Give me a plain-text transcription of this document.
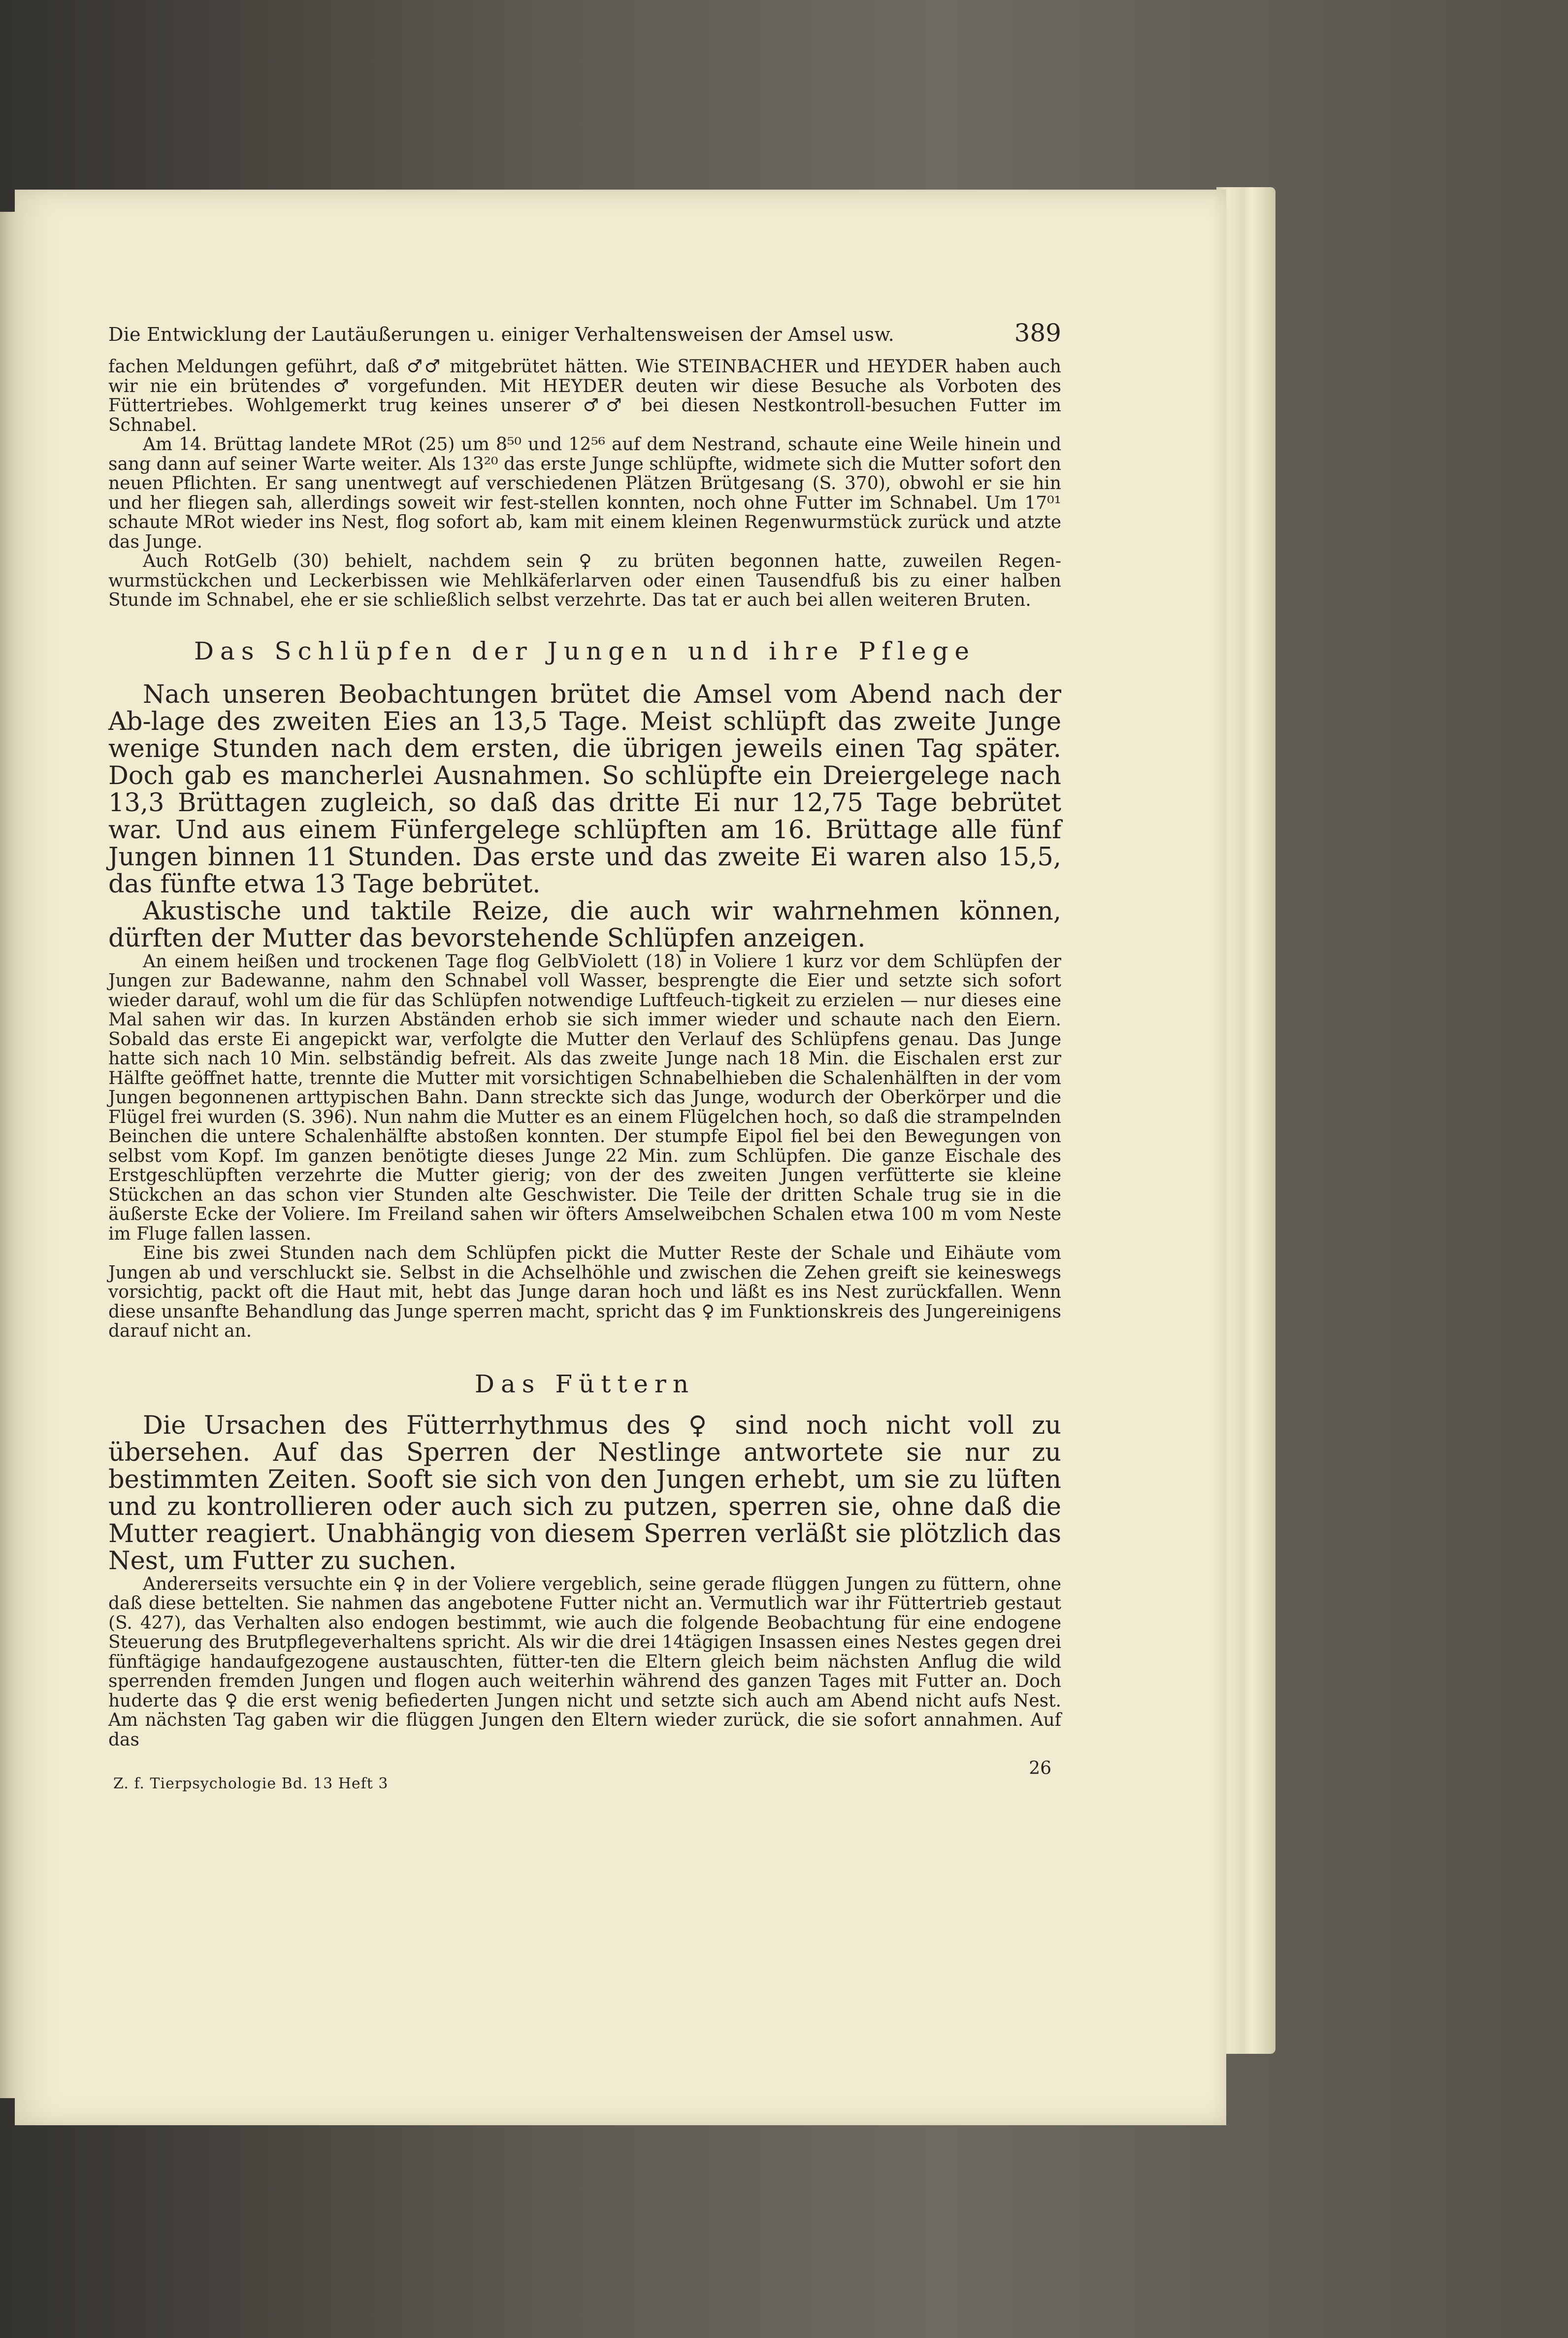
Die Entwicklung der Lautäußerungen u. einiger Verhaltensweisen der Amsel usw.	389

fachen Meldungen geführt, daß ♂♂ mitgebrütet hätten. Wie STEINBACHER und HEYDER haben auch wir nie ein brütendes ♂ vorgefunden. Mit HEYDER deuten wir diese Besuche als Vorboten des Füttertriebes. Wohlgemerkt trug keines unserer ♂♂ bei diesen Nestkontroll-besuchen Futter im Schnabel.

Am 14. Brüttag landete MRot (25) um 8⁵⁰ und 12⁵⁶ auf dem Nestrand, schaute eine Weile hinein und sang dann auf seiner Warte weiter. Als 13²⁰ das erste Junge schlüpfte, widmete sich die Mutter sofort den neuen Pflichten. Er sang unentwegt auf verschiedenen Plätzen Brütgesang (S. 370), obwohl er sie hin und her fliegen sah, allerdings soweit wir fest-stellen konnten, noch ohne Futter im Schnabel. Um 17⁰¹ schaute MRot wieder ins Nest, flog sofort ab, kam mit einem kleinen Regenwurmstück zurück und atzte das Junge.

Auch RotGelb (30) behielt, nachdem sein ♀ zu brüten begonnen hatte, zuweilen Regen-wurmstückchen und Leckerbissen wie Mehlkäferlarven oder einen Tausendfuß bis zu einer halben Stunde im Schnabel, ehe er sie schließlich selbst verzehrte. Das tat er auch bei allen weiteren Bruten.

Das Schlüpfen der Jungen und ihre Pflege

Nach unseren Beobachtungen brütet die Amsel vom Abend nach der Ab-lage des zweiten Eies an 13,5 Tage. Meist schlüpft das zweite Junge wenige Stunden nach dem ersten, die übrigen jeweils einen Tag später. Doch gab es mancherlei Ausnahmen. So schlüpfte ein Dreiergelege nach 13,3 Brüttagen zugleich, so daß das dritte Ei nur 12,75 Tage bebrütet war. Und aus einem Fünfergelege schlüpften am 16. Brüttage alle fünf Jungen binnen 11 Stunden. Das erste und das zweite Ei waren also 15,5, das fünfte etwa 13 Tage bebrütet.

Akustische und taktile Reize, die auch wir wahrnehmen können, dürften der Mutter das bevorstehende Schlüpfen anzeigen.

An einem heißen und trockenen Tage flog GelbViolett (18) in Voliere 1 kurz vor dem Schlüpfen der Jungen zur Badewanne, nahm den Schnabel voll Wasser, besprengte die Eier und setzte sich sofort wieder darauf, wohl um die für das Schlüpfen notwendige Luftfeuch-tigkeit zu erzielen — nur dieses eine Mal sahen wir das. In kurzen Abständen erhob sie sich immer wieder und schaute nach den Eiern. Sobald das erste Ei angepickt war, verfolgte die Mutter den Verlauf des Schlüpfens genau. Das Junge hatte sich nach 10 Min. selbständig befreit. Als das zweite Junge nach 18 Min. die Eischalen erst zur Hälfte geöffnet hatte, trennte die Mutter mit vorsichtigen Schnabelhieben die Schalenhälften in der vom Jungen begonnenen arttypischen Bahn. Dann streckte sich das Junge, wodurch der Oberkörper und die Flügel frei wurden (S. 396). Nun nahm die Mutter es an einem Flügelchen hoch, so daß die strampelnden Beinchen die untere Schalenhälfte abstoßen konnten. Der stumpfe Eipol fiel bei den Bewegungen von selbst vom Kopf. Im ganzen benötigte dieses Junge 22 Min. zum Schlüpfen. Die ganze Eischale des Erstgeschlüpften verzehrte die Mutter gierig; von der des zweiten Jungen verfütterte sie kleine Stückchen an das schon vier Stunden alte Geschwister. Die Teile der dritten Schale trug sie in die äußerste Ecke der Voliere. Im Freiland sahen wir öfters Amselweibchen Schalen etwa 100 m vom Neste im Fluge fallen lassen.

Eine bis zwei Stunden nach dem Schlüpfen pickt die Mutter Reste der Schale und Eihäute vom Jungen ab und verschluckt sie. Selbst in die Achselhöhle und zwischen die Zehen greift sie keineswegs vorsichtig, packt oft die Haut mit, hebt das Junge daran hoch und läßt es ins Nest zurückfallen. Wenn diese unsanfte Behandlung das Junge sperren macht, spricht das ♀ im Funktionskreis des Jungereinigens darauf nicht an.

Das Füttern

Die Ursachen des Fütterrhythmus des ♀ sind noch nicht voll zu übersehen. Auf das Sperren der Nestlinge antwortete sie nur zu bestimmten Zeiten. Sooft sie sich von den Jungen erhebt, um sie zu lüften und zu kontrollieren oder auch sich zu putzen, sperren sie, ohne daß die Mutter reagiert. Unabhängig von diesem Sperren verläßt sie plötzlich das Nest, um Futter zu suchen.

Andererseits versuchte ein ♀ in der Voliere vergeblich, seine gerade flüggen Jungen zu füttern, ohne daß diese bettelten. Sie nahmen das angebotene Futter nicht an. Vermutlich war ihr Füttertrieb gestaut (S. 427), das Verhalten also endogen bestimmt, wie auch die folgende Beobachtung für eine endogene Steuerung des Brutpflegeverhaltens spricht. Als wir die drei 14tägigen Insassen eines Nestes gegen drei fünftägige handaufgezogene austauschten, fütter-ten die Eltern gleich beim nächsten Anflug die wild sperrenden fremden Jungen und flogen auch weiterhin während des ganzen Tages mit Futter an. Doch huderte das ♀ die erst wenig befiederten Jungen nicht und setzte sich auch am Abend nicht aufs Nest. Am nächsten Tag gaben wir die flüggen Jungen den Eltern wieder zurück, die sie sofort annahmen. Auf das

Z. f. Tierpsychologie Bd. 13 Heft 3
26
